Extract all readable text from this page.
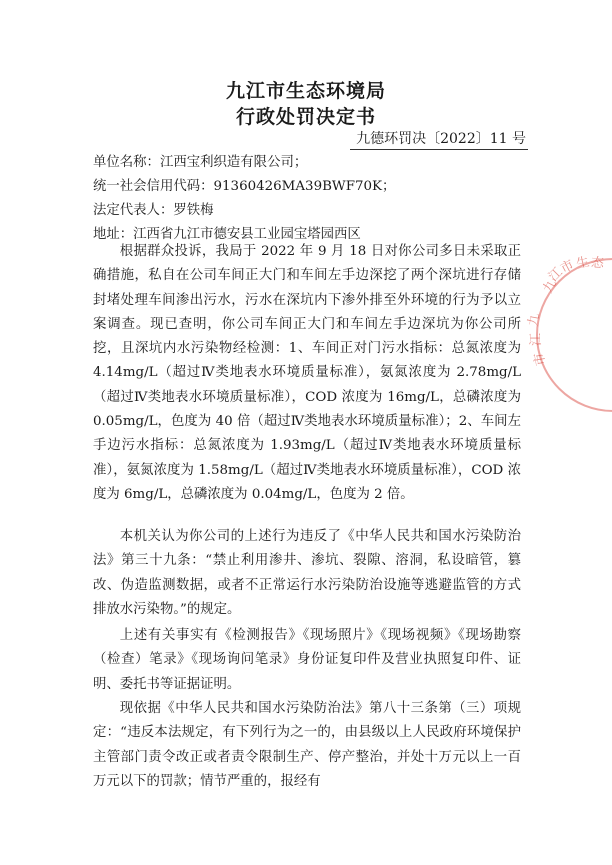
九江市生态环境局
行政处罚决定书
九德环罚决〔2022〕11 号
单位名称：江西宝利织造有限公司；
统一社会信用代码：91360426MA39BWF70K；
法定代表人：罗铁梅
地址：江西省九江市德安县工业园宝塔园西区

根据群众投诉，我局于 2022 年 9 月 18 日对你公司多日未采取正确措施，私自在公司车间正大门和车间左手边深挖了两个深坑进行存储封堵处理车间渗出污水，污水在深坑内下渗外排至外环境的行为予以立案调查。现已查明，你公司车间正大门和车间左手边深坑为你公司所挖，且深坑内水污染物经检测：1、车间正对门污水指标：总氮浓度为 4.14mg/L（超过Ⅳ类地表水环境质量标准），氨氮浓度为 2.78mg/L（超过Ⅳ类地表水环境质量标准），COD 浓度为 16mg/L，总磷浓度为 0.05mg/L，色度为 40 倍（超过Ⅳ类地表水环境质量标准）；2、车间左手边污水指标：总氮浓度为 1.93mg/L（超过Ⅳ类地表水环境质量标准），氨氮浓度为 1.58mg/L（超过Ⅳ类地表水环境质量标准），COD 浓度为 6mg/L，总磷浓度为 0.04mg/L，色度为 2 倍。

本机关认为你公司的上述行为违反了《中华人民共和国水污染防治法》第三十九条：“禁止利用渗井、渗坑、裂隙、溶洞，私设暗管，篡改、伪造监测数据，或者不正常运行水污染防治设施等逃避监管的方式排放水污染物。”的规定。

上述有关事实有《检测报告》《现场照片》《现场视频》《现场勘察（检查）笔录》《现场询问笔录》身份证复印件及营业执照复印件、证明、委托书等证据证明。

现依据《中华人民共和国水污染防治法》第八十三条第（三）项规定：“违反本法规定，有下列行为之一的，由县级以上人民政府环境保护主管部门责令改正或者责令限制生产、停产整治，并处十万元以上一百万元以下的罚款；情节严重的，报经有

九
江
市
生 态
九
江
市
